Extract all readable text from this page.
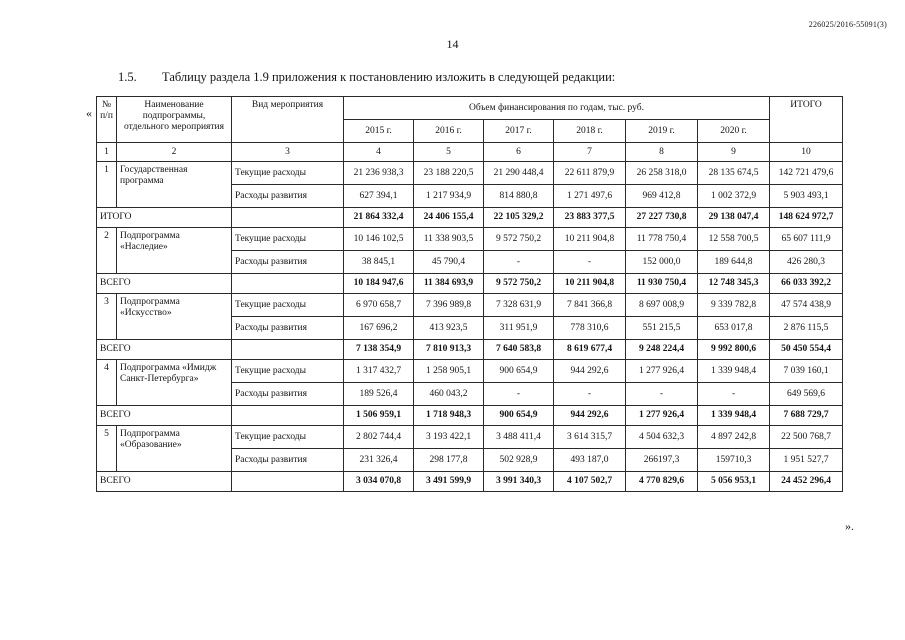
226025/2016-55091(3)
14
1.5. Таблицу раздела 1.9 приложения к постановлению изложить в следующей редакции:
«
».
№ п/п	Наименование подпрограммы, отдельного мероприятия	Вид мероприятия	Объем финансирования по годам, тыс. руб.						ИТОГО
			2015 г.	2016 г.	2017 г.	2018 г.	2019 г.	2020 г.	
1	2	3	4	5	6	7	8	9	10
1	Государственная программа	Текущие расходы	21 236 938,3	23 188 220,5	21 290 448,4	22 611 879,9	26 258 318,0	28 135 674,5	142 721 479,6
		Расходы развития	627 394,1	1 217 934,9	814 880,8	1 271 497,6	969 412,8	1 002 372,9	5 903 493,1
ИТОГО			21 864 332,4	24 406 155,4	22 105 329,2	23 883 377,5	27 227 730,8	29 138 047,4	148 624 972,7
2	Подпрограмма «Наследие»	Текущие расходы	10 146 102,5	11 338 903,5	9 572 750,2	10 211 904,8	11 778 750,4	12 558 700,5	65 607 111,9
		Расходы развития	38 845,1	45 790,4	-	-	152 000,0	189 644,8	426 280,3
ВСЕГО			10 184 947,6	11 384 693,9	9 572 750,2	10 211 904,8	11 930 750,4	12 748 345,3	66 033 392,2
3	Подпрограмма «Искусство»	Текущие расходы	6 970 658,7	7 396 989,8	7 328 631,9	7 841 366,8	8 697 008,9	9 339 782,8	47 574 438,9
		Расходы развития	167 696,2	413 923,5	311 951,9	778 310,6	551 215,5	653 017,8	2 876 115,5
ВСЕГО			7 138 354,9	7 810 913,3	7 640 583,8	8 619 677,4	9 248 224,4	9 992 800,6	50 450 554,4
4	Подпрограмма «Имидж Санкт-Петербурга»	Текущие расходы	1 317 432,7	1 258 905,1	900 654,9	944 292,6	1 277 926,4	1 339 948,4	7 039 160,1
		Расходы развития	189 526,4	460 043,2	-	-	-	-	649 569,6
ВСЕГО			1 506 959,1	1 718 948,3	900 654,9	944 292,6	1 277 926,4	1 339 948,4	7 688 729,7
5	Подпрограмма «Образование»	Текущие расходы	2 802 744,4	3 193 422,1	3 488 411,4	3 614 315,7	4 504 632,3	4 897 242,8	22 500 768,7
		Расходы развития	231 326,4	298 177,8	502 928,9	493 187,0	266197,3	159710,3	1 951 527,7
ВСЕГО			3 034 070,8	3 491 599,9	3 991 340,3	4 107 502,7	4 770 829,6	5 056 953,1	24 452 296,4
